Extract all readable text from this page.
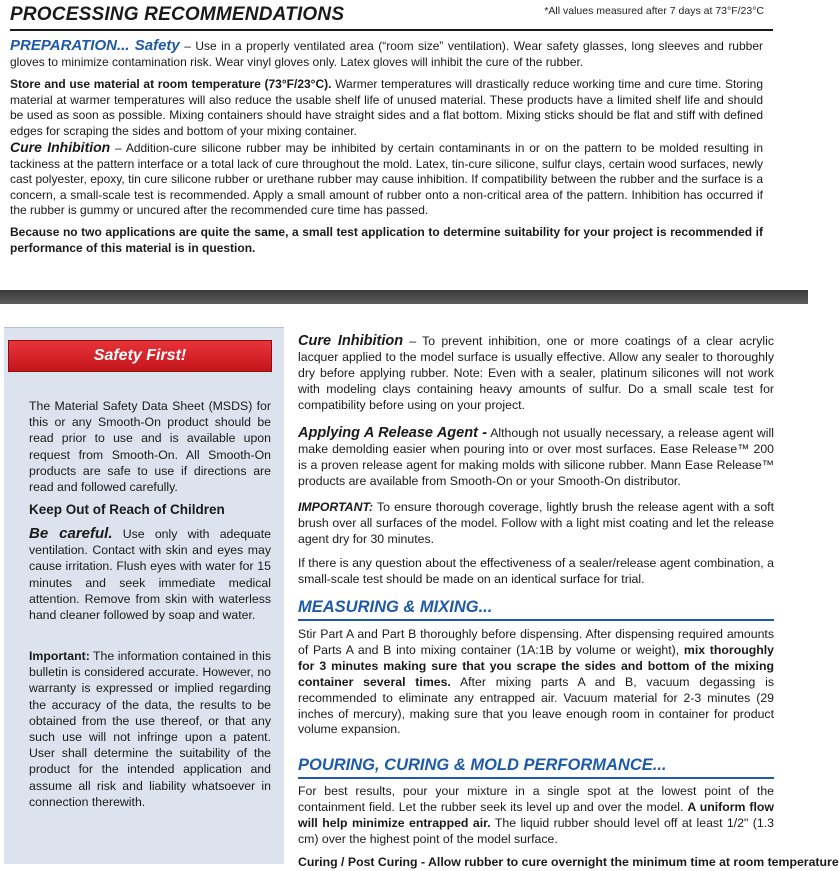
PROCESSING RECOMMENDATIONS	*All values measured after 7 days at 73°F/23°C
PREPARATION... Safety – Use in a properly ventilated area (“room size” ventilation). Wear safety glasses, long sleeves and rubber gloves to minimize contamination risk. Wear vinyl gloves only. Latex gloves will inhibit the cure of the rubber.
Store and use material at room temperature (73°F/23°C). Warmer temperatures will drastically reduce working time and cure time. Storing material at warmer temperatures will also reduce the usable shelf life of unused material. These products have a limited shelf life and should be used as soon as possible. Mixing containers should have straight sides and a flat bottom. Mixing sticks should be flat and stiff with defined edges for scraping the sides and bottom of your mixing container.
Cure Inhibition – Addition-cure silicone rubber may be inhibited by certain contaminants in or on the pattern to be molded resulting in tackiness at the pattern interface or a total lack of cure throughout the mold. Latex, tin-cure silicone, sulfur clays, certain wood surfaces, newly cast polyester, epoxy, tin cure silicone rubber or urethane rubber may cause inhibition. If compatibility between the rubber and the surface is a concern, a small-scale test is recommended. Apply a small amount of rubber onto a non-critical area of the pattern. Inhibition has occurred if the rubber is gummy or uncured after the recommended cure time has passed.
Because no two applications are quite the same, a small test application to determine suitability for your project is recommended if performance of this material is in question.
Safety First!
The Material Safety Data Sheet (MSDS) for this or any Smooth-On product should be read prior to use and is available upon request from Smooth-On. All Smooth-On products are safe to use if directions are read and followed carefully.
Keep Out of Reach of Children
Be careful. Use only with adequate ventilation. Contact with skin and eyes may cause irritation. Flush eyes with water for 15 minutes and seek immediate medical attention. Remove from skin with waterless hand cleaner followed by soap and water.
Important: The information contained in this bulletin is considered accurate. However, no warranty is expressed or implied regarding the accuracy of the data, the results to be obtained from the use thereof, or that any such use will not infringe upon a patent. User shall determine the suitability of the product for the intended application and assume all risk and liability whatsoever in connection therewith.
Cure Inhibition – To prevent inhibition, one or more coatings of a clear acrylic lacquer applied to the model surface is usually effective. Allow any sealer to thoroughly dry before applying rubber. Note: Even with a sealer, platinum silicones will not work with modeling clays containing heavy amounts of sulfur. Do a small scale test for compatibility before using on your project.
Applying A Release Agent - Although not usually necessary, a release agent will make demolding easier when pouring into or over most surfaces. Ease Release™ 200 is a proven release agent for making molds with silicone rubber. Mann Ease Release™ products are available from Smooth-On or your Smooth-On distributor.
IMPORTANT: To ensure thorough coverage, lightly brush the release agent with a soft brush over all surfaces of the model. Follow with a light mist coating and let the release agent dry for 30 minutes.
If there is any question about the effectiveness of a sealer/release agent combination, a small-scale test should be made on an identical surface for trial.
MEASURING & MIXING...
Stir Part A and Part B thoroughly before dispensing. After dispensing required amounts of Parts A and B into mixing container (1A:1B by volume or weight), mix thoroughly for 3 minutes making sure that you scrape the sides and bottom of the mixing container several times. After mixing parts A and B, vacuum degassing is recommended to eliminate any entrapped air. Vacuum material for 2-3 minutes (29 inches of mercury), making sure that you leave enough room in container for product volume expansion.
POURING, CURING & MOLD PERFORMANCE...
For best results, pour your mixture in a single spot at the lowest point of the containment field. Let the rubber seek its level up and over the model. A uniform flow will help minimize entrapped air. The liquid rubber should level off at least 1/2" (1.3 cm) over the highest point of the model surface.
Curing / Post Curing - Allow rubber to cure overnight the minimum time at room temperature
